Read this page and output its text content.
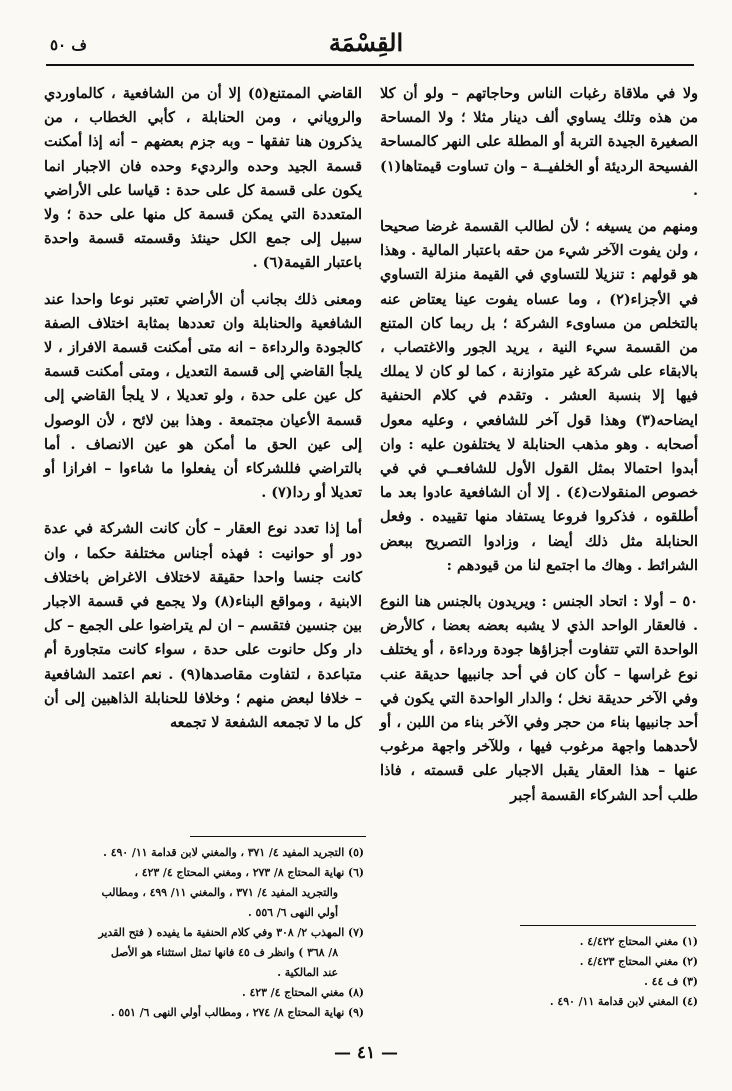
القِسْمَة
ف ٥٠

ولا في ملاقاة رغبات الناس وحاجاتهم – ولو أن كلا من هذه وتلك يساوي ألف دينار مثلا ؛ ولا المساحة الصغيرة الجيدة التربة أو المطلة على النهر كالمساحة الفسيحة الرديئة أو الخلفيــة – وان تساوت قيمتاها(١) .

ومنهم من يسيغه ؛ لأن لطالب القسمة غرضا صحيحا ، ولن يفوت الآخر شيء من حقه باعتبار المالية . وهذا هو قولهم : تنزيلا للتساوي في القيمة منزلة التساوي في الأجزاء(٢) ، وما عساه يفوت عينا يعتاض عنه بالتخلص من مساوىء الشركة ؛ بل ربما كان المتنع من القسمة سيء النية ، يريد الجور والاغتصاب ، بالابقاء على شركة غير متوازنة ، كما لو كان لا يملك فيها إلا بنسبة العشر . وتقدم في كلام الحنفية ايضاحه(٣) وهذا قول آخر للشافعي ، وعليه معول أصحابه . وهو مذهب الحنابلة لا يختلفون عليه : وان أبدوا احتمالا بمثل القول الأول للشافعــي في في خصوص المنقولات(٤) . إلا أن الشافعية عادوا بعد ما أطلقوه ، فذكروا فروعا يستفاد منها تقييده . وفعل الحنابلة مثل ذلك أيضا ، وزادوا التصريح ببعض الشرائط . وهاك ما اجتمع لنا من قيودهم :

٥٠ – أولا : اتحاد الجنس : ويريدون بالجنس هنا النوع . فالعقار الواحد الذي لا يشبه بعضه بعضا ، كالأرض الواحدة التي تتفاوت أجزاؤها جودة ورداءة ، أو يختلف نوع غراسها – كأن كان في أحد جانبيها حديقة عنب وفي الآخر حديقة نخل ؛ والدار الواحدة التي يكون في أحد جانبيها بناء من حجر وفي الآخر بناء من اللبن ، أو لأحدهما واجهة مرغوب فيها ، وللآخر واجهة مرغوب عنها – هذا العقار يقبل الاجبار على قسمته ، فاذا طلب أحد الشركاء القسمة أجبر

القاضي الممتنع(٥) إلا أن من الشافعية ، كالماوردي والروياني ، ومن الحنابلة ، كأبي الخطاب ، من يذكرون هنا تفقها – وبه جزم بعضهم – أنه إذا أمكنت قسمة الجيد وحده والرديء وحده فان الاجبار انما يكون على قسمة كل على حدة : قياسا على الأراضي المتعددة التي يمكن قسمة كل منها على حدة ؛ ولا سبيل إلى جمع الكل حينئذ وقسمته قسمة واحدة باعتبار القيمة(٦) .

ومعنى ذلك بجانب أن الأراضي تعتبر نوعا واحدا عند الشافعية والحنابلة وان تعددها بمثابة اختلاف الصفة كالجودة والرداءة – انه متى أمكنت قسمة الافراز ، لا يلجأ القاضي إلى قسمة التعديل ، ومتى أمكنت قسمة كل عين على حدة ، ولو تعديلا ، لا يلجأ القاضي إلى قسمة الأعيان مجتمعة . وهذا بين لائح ، لأن الوصول إلى عين الحق ما أمكن هو عين الانصاف . أما بالتراضي فللشركاء أن يفعلوا ما شاءوا – افرازا أو تعديلا أو ردا(٧) .

أما إذا تعدد نوع العقار – كأن كانت الشركة في عدة دور أو حوانيت : فهذه أجناس مختلفة حكما ، وان كانت جنسا واحدا حقيقة لاختلاف الاغراض باختلاف الابنية ، ومواقع البناء(٨) ولا يجمع في قسمة الاجبار بين جنسين فتقسم – ان لم يتراضوا على الجمع – كل دار وكل حانوت على حدة ، سواء كانت متجاورة أم متباعدة ، لتفاوت مقاصدها(٩) . نعم اعتمد الشافعية – خلافا لبعض منهم ؛ وخلافا للحنابلة الذاهبين إلى أن كل ما لا تجمعه الشفعة لا تجمعه

(١) مغني المحتاج ٤/٤٢٢ .
(٢) مغني المحتاج ٤/٤٢٣ .
(٣) ف ٤٤ .
(٤) المغني لابن قدامة ١١/ ٤٩٠ .
(٥) التجريد المفيد ٤/ ٣٧١ ، والمغني لابن قدامة ١١/ ٤٩٠ .
(٦) نهاية المحتاج ٨/ ٢٧٣ ، ومغني المحتاج ٤/ ٤٢٣ ،
والتجريد المفيد ٤/ ٣٧١ ، والمغني ١١/ ٤٩٩ ، ومطالب
أولي النهى ٦/ ٥٥٦ .
(٧) المهذب ٢/ ٣٠٨ وفي كلام الحنفية ما يفيده ( فتح القدير
٨/ ٣٦٨ ) وانظر ف ٤٥ فانها تمثل استثناء هو الأصل
عند المالكية .
(٨) مغني المحتاج ٤/ ٤٢٣ .
(٩) نهاية المحتاج ٨/ ٢٧٤ ، ومطالب أولي النهى ٦/ ٥٥١ .
— ٤١ —
